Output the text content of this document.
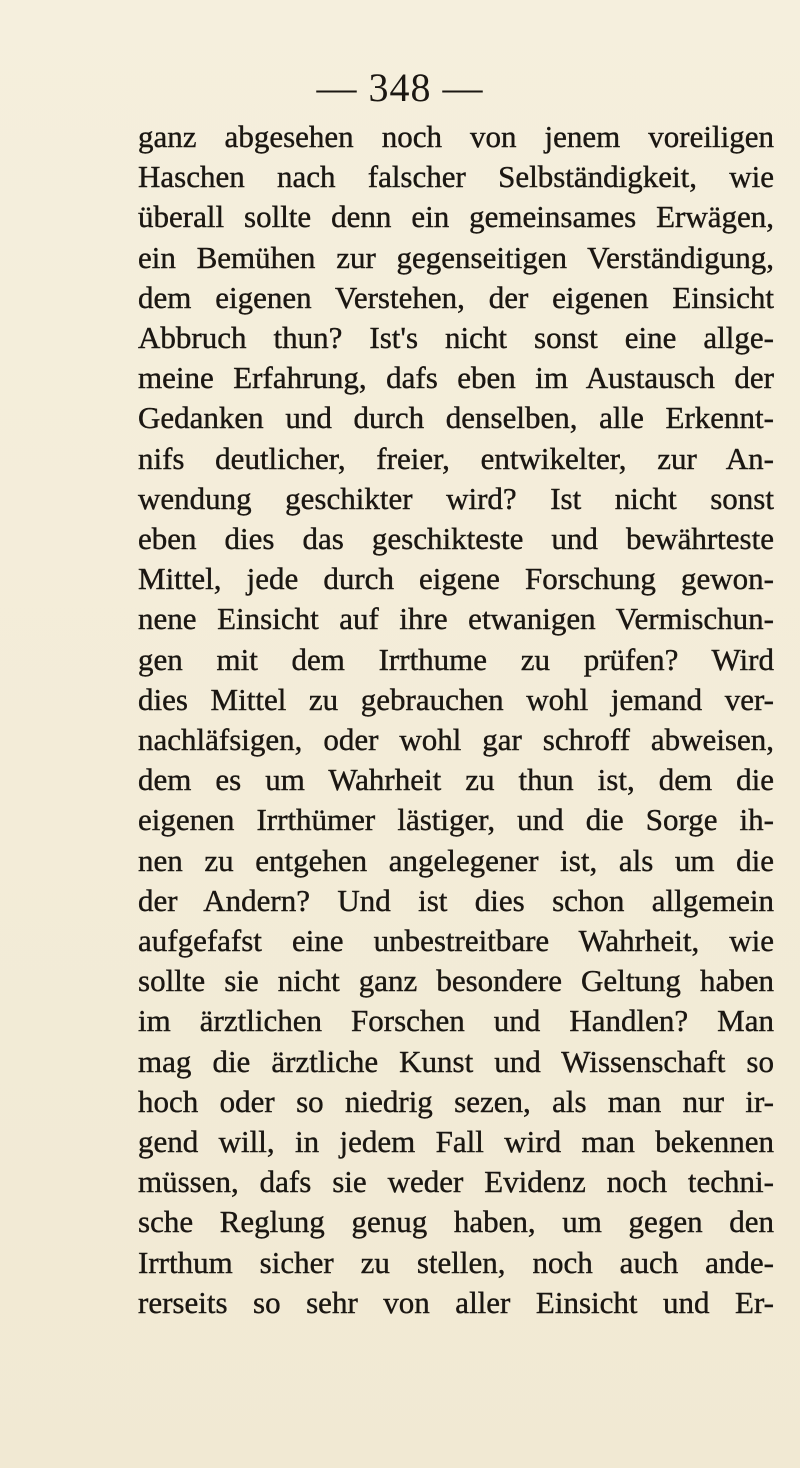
— 348 —
ganz abgesehen noch von jenem voreiligen
Haschen nach falscher Selbständigkeit, wie
überall sollte denn ein gemeinsames Erwägen,
ein Bemühen zur gegenseitigen Verständigung,
dem eigenen Verstehen, der eigenen Einsicht
Abbruch thun? Ist's nicht sonst eine allge-
meine Erfahrung, dafs eben im Austausch der
Gedanken und durch denselben, alle Erkennt-
nifs deutlicher, freier, entwikelter, zur An-
wendung geschikter wird? Ist nicht sonst
eben dies das geschikteste und bewährteste
Mittel, jede durch eigene Forschung gewon-
nene Einsicht auf ihre etwanigen Vermischun-
gen mit dem Irrthume zu prüfen? Wird
dies Mittel zu gebrauchen wohl jemand ver-
nachläfsigen, oder wohl gar schroff abweisen,
dem es um Wahrheit zu thun ist, dem die
eigenen Irrthümer lästiger, und die Sorge ih-
nen zu entgehen angelegener ist, als um die
der Andern? Und ist dies schon allgemein
aufgefafst eine unbestreitbare Wahrheit, wie
sollte sie nicht ganz besondere Geltung haben
im ärztlichen Forschen und Handlen? Man
mag die ärztliche Kunst und Wissenschaft so
hoch oder so niedrig sezen, als man nur ir-
gend will, in jedem Fall wird man bekennen
müssen, dafs sie weder Evidenz noch techni-
sche Reglung genug haben, um gegen den
Irrthum sicher zu stellen, noch auch ande-
rerseits so sehr von aller Einsicht und Er-
